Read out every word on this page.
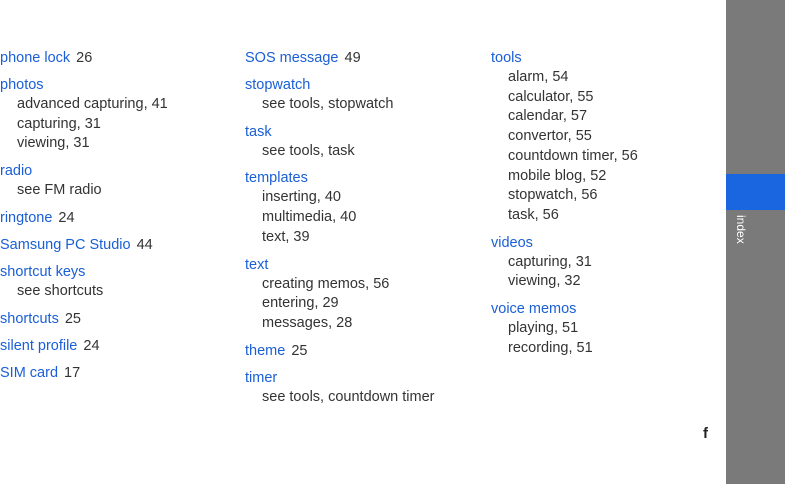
phone lock 26
photos
advanced capturing, 41
capturing, 31
viewing, 31
radio
see FM radio
ringtone 24
Samsung PC Studio 44
shortcut keys
see shortcuts
shortcuts 25
silent profile 24
SIM card 17
SOS message 49
stopwatch
see tools, stopwatch
task
see tools, task
templates
inserting, 40
multimedia, 40
text, 39
text
creating memos, 56
entering, 29
messages, 28
theme 25
timer
see tools, countdown timer
tools
alarm, 54
calculator, 55
calendar, 57
convertor, 55
countdown timer, 56
mobile blog, 52
stopwatch, 56
task, 56
videos
capturing, 31
viewing, 32
voice memos
playing, 51
recording, 51
index
f
